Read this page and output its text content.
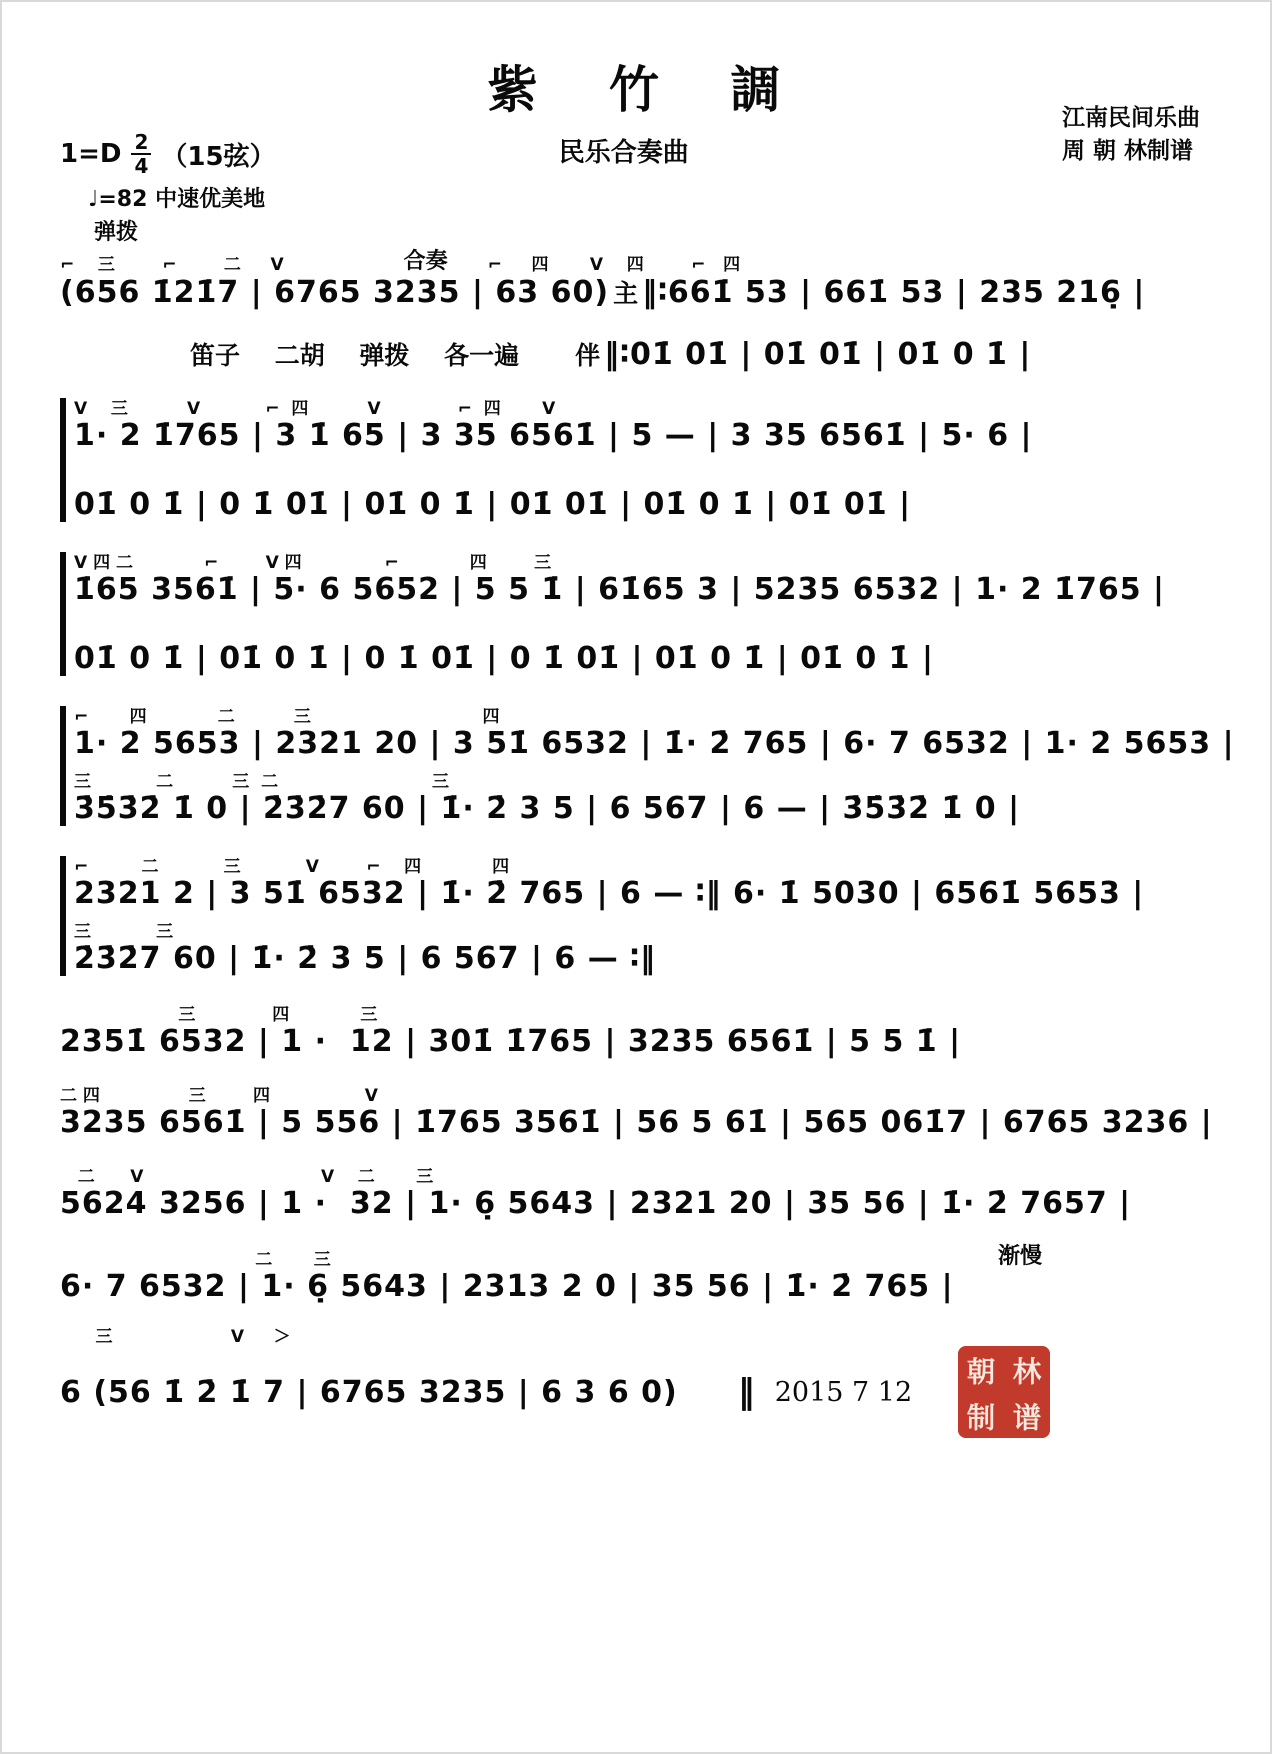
江南民间乐曲
周 朝 林制谱
紫 竹 調
$1=D \frac{2}{4} (15$弦）	民乐合奏曲
♩=82 中速优美地
弹拨
⌐    三        ⌐        二     V	合奏 ⌐     四       V    四        ⌐   四
(656 1̇21̇7 | 6765 3235 | 63 60) 主 ‖∶661̇ 53 | 661̇ 53 | 235 216̣ |
笛子 二胡 弹拨 各一遍 伴 ‖∶01̇ 01̇ | 01̇ 01̇ | 01̇ 0 1̇ |
V    三          V           ⌐  四          V             ⌐  四       V
1· 2 1̇765 | 3 1̇ 65 | 3 35 6561̇ | 5 — | 3 35 6561̇ | 5· 6 |
01̇ 0 1̇ | 0 1̇ 01̇ | 01̇ 0 1̇ | 01̇ 01̇ | 01̇ 0 1̇ | 01̇ 01̇ |
V 四 二            ⌐        V 四              ⌐            四        三
1̇65 3561̇ | 5· 6 5652 | 5 5 1̇ | 61̇65 3 | 5235 6532 | 1· 2 1̇765 |
01̇ 0 1̇ | 01̇ 0 1̇ | 0 1̇ 01̇ | 0 1̇ 01̇ | 01̇ 0 1̇ | 01̇ 0 1̇ |
⌐       四            二          三                             四
1· 2 5653 | 2321 20 | 3 51̇ 6532 | 1̇· 2̇ 765 | 6· 7 6532 | 1· 2 5653 |
三           二          三  二                          三
3̇5̇3̇2̇ 1̇ 0 | 2̇3̇2̇7 60 | 1̇· 2̇ 3 5 | 6 567 | 6 — | 3̇5̇3̇2̇ 1̇ 0 |
⌐         二           三           V        ⌐    四            四
2321 2 | 3 51̇ 6532 | 1̇· 2̇ 765 | 6 — ∶‖ 6· 1̇ 5030 | 6561̇ 5653 |
三           三
2̇3̇2̇7 60 | 1̇· 2̇ 3 5 | 6 567 | 6 — ∶‖
三             四            三
2351̇ 6532 | 1 ·  12 | 301̇ 1̇765 | 3235 6561̇ | 5 5 1̇ |
二 四               三        四                V
3235 6561̇ | 5 556 | 1̇765 3561̇ | 56 5 61̇ | 565 061̇7 | 6765 3236 |
二      V                              V    二       三
5624 3256 | 1 ·  32 | 1· 6̣ 5643 | 2321 20 | 35 56 | 1̇· 2̇ 7657 |
二       三	渐慢
6· 7 6532 | 1· 6̣ 5643 | 2313 2 0 | 35 56 | 1̇· 2̇ 765 |
三                    V     ＞
6 (56 1̇ 2̇ 1̇ 7 | 6765 3235 | 6 3 6 0) ‖ 2015 7 12
朝 林
制 谱
